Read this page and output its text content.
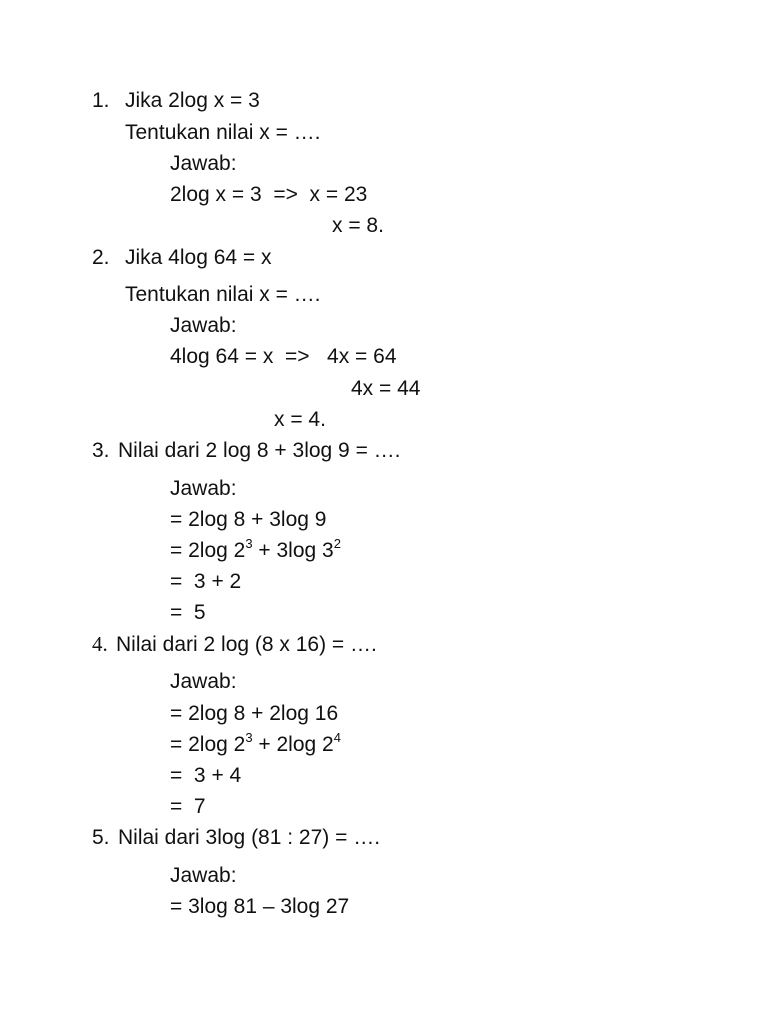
1. Jika 2log x = 3
Tentukan nilai x = ….
Jawab:
2log x = 3  =>  x = 23
x = 8.
2. Jika 4log 64 = x
Tentukan nilai x = ….
Jawab:
4log 64 = x  =>   4x = 64
4x = 44
x = 4.
3. Nilai dari 2 log 8 + 3log 9 = ….
Jawab:
= 2log 8 + 3log 9
= 2log $2^3 + 3\log$ $3^2$
=  3 + 2
=  5
4. Nilai dari 2 log (8 x 16) = ….
Jawab:
= 2log 8 + 2log 16
= 2log $2^3 + 2\log$ $2^4$
=  3 + 4
=  7
5. Nilai dari 3log (81 : 27) = ….
Jawab:
= 3log 81 – 3log 27
